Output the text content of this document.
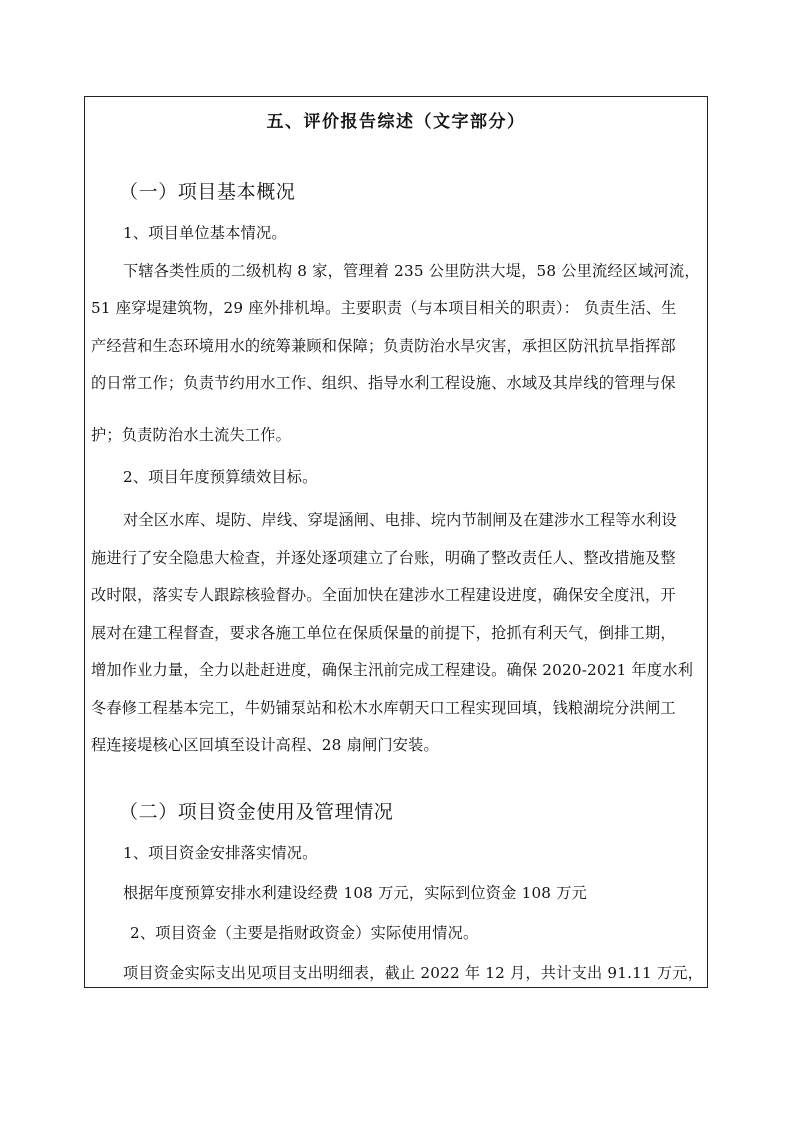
五、评价报告综述（文字部分）
（一）项目基本概况
1、项目单位基本情况。
下辖各类性质的二级机构 8 家，管理着 235 公里防洪大堤，58 公里流经区域河流，
51 座穿堤建筑物，29 座外排机埠。主要职责（与本项目相关的职责）： 负责生活、生
产经营和生态环境用水的统筹兼顾和保障；负责防治水旱灾害，承担区防汛抗旱指挥部
的日常工作；负责节约用水工作、组织、指导水利工程设施、水域及其岸线的管理与保
护；负责防治水土流失工作。
2、项目年度预算绩效目标。
对全区水库、堤防、岸线、穿堤涵闸、电排、垸内节制闸及在建涉水工程等水利设
施进行了安全隐患大检查，并逐处逐项建立了台账，明确了整改责任人、整改措施及整
改时限，落实专人跟踪核验督办。全面加快在建涉水工程建设进度，确保安全度汛，开
展对在建工程督查，要求各施工单位在保质保量的前提下，抢抓有利天气，倒排工期，
增加作业力量，全力以赴赶进度，确保主汛前完成工程建设。确保 2020-2021 年度水利
冬春修工程基本完工，牛奶铺泵站和松木水库朝天口工程实现回填，钱粮湖垸分洪闸工
程连接堤核心区回填至设计高程、28 扇闸门安装。
（二）项目资金使用及管理情况
1、项目资金安排落实情况。
根据年度预算安排水利建设经费 108 万元，实际到位资金 108 万元
2、项目资金（主要是指财政资金）实际使用情况。
项目资金实际支出见项目支出明细表，截止 2022 年 12 月，共计支出 91.11 万元，
